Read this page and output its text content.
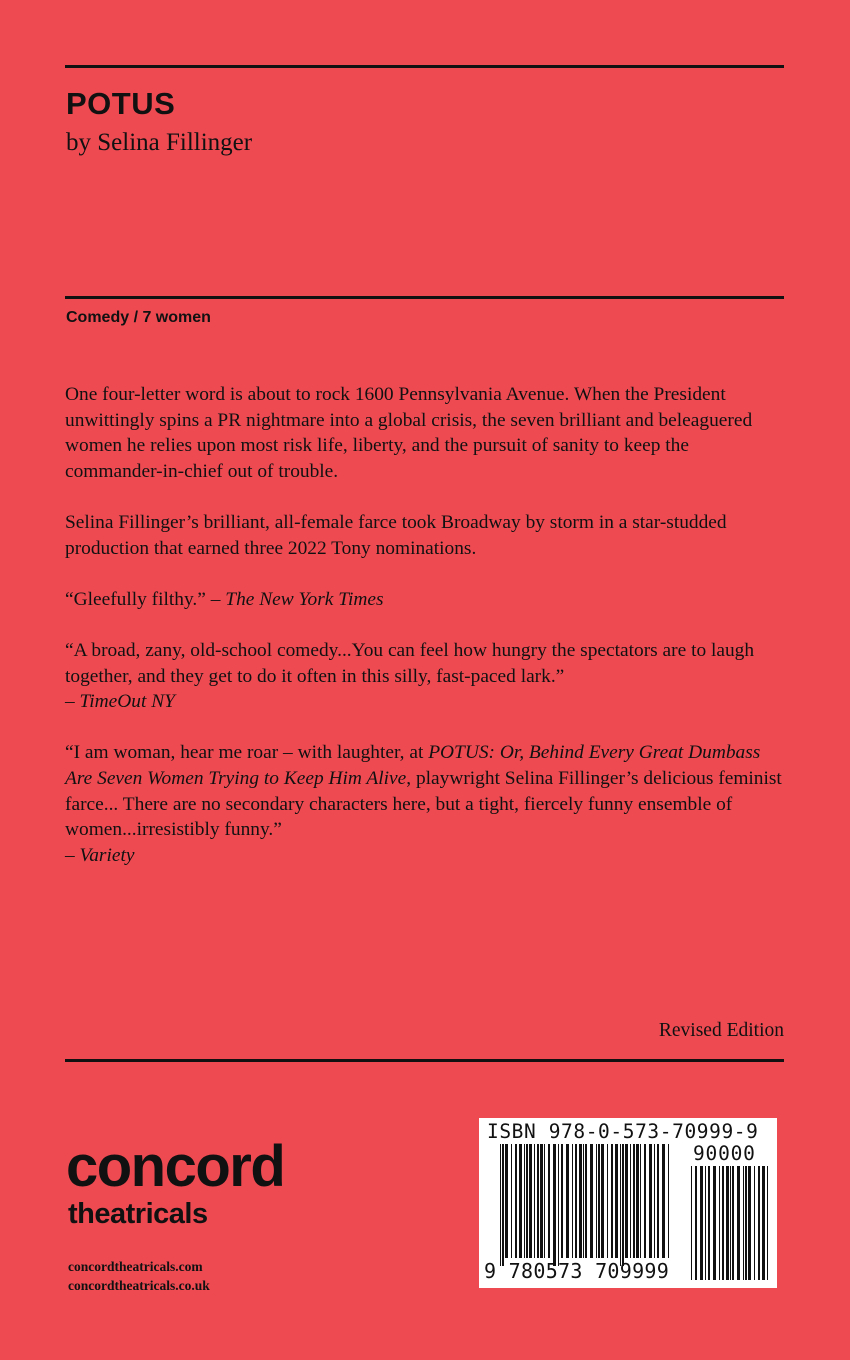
POTUS
by Selina Fillinger
Comedy / 7 women

One four-letter word is about to rock 1600 Pennsylvania Avenue. When the President unwittingly spins a PR nightmare into a global crisis, the seven brilliant and beleaguered women he relies upon most risk life, liberty, and the pursuit of sanity to keep the commander-in-chief out of trouble.

Selina Fillinger’s brilliant, all-female farce took Broadway by storm in a star-studded production that earned three 2022 Tony nominations.

“Gleefully filthy.” – The New York Times

“A broad, zany, old-school comedy...You can feel how hungry the spectators are to laugh together, and they get to do it often in this silly, fast-paced lark.”
– TimeOut NY

“I am woman, hear me roar – with laughter, at POTUS: Or, Behind Every Great Dumbass Are Seven Women Trying to Keep Him Alive, playwright Selina Fillinger’s delicious feminist farce... There are no secondary characters here, but a tight, fiercely funny ensemble of women...irresistibly funny.”
– Variety

Revised Edition
concord
theatricals
concordtheatricals.com
concordtheatricals.co.uk
ISBN 978-0-573-70999-9
90000
9 780573 709999
